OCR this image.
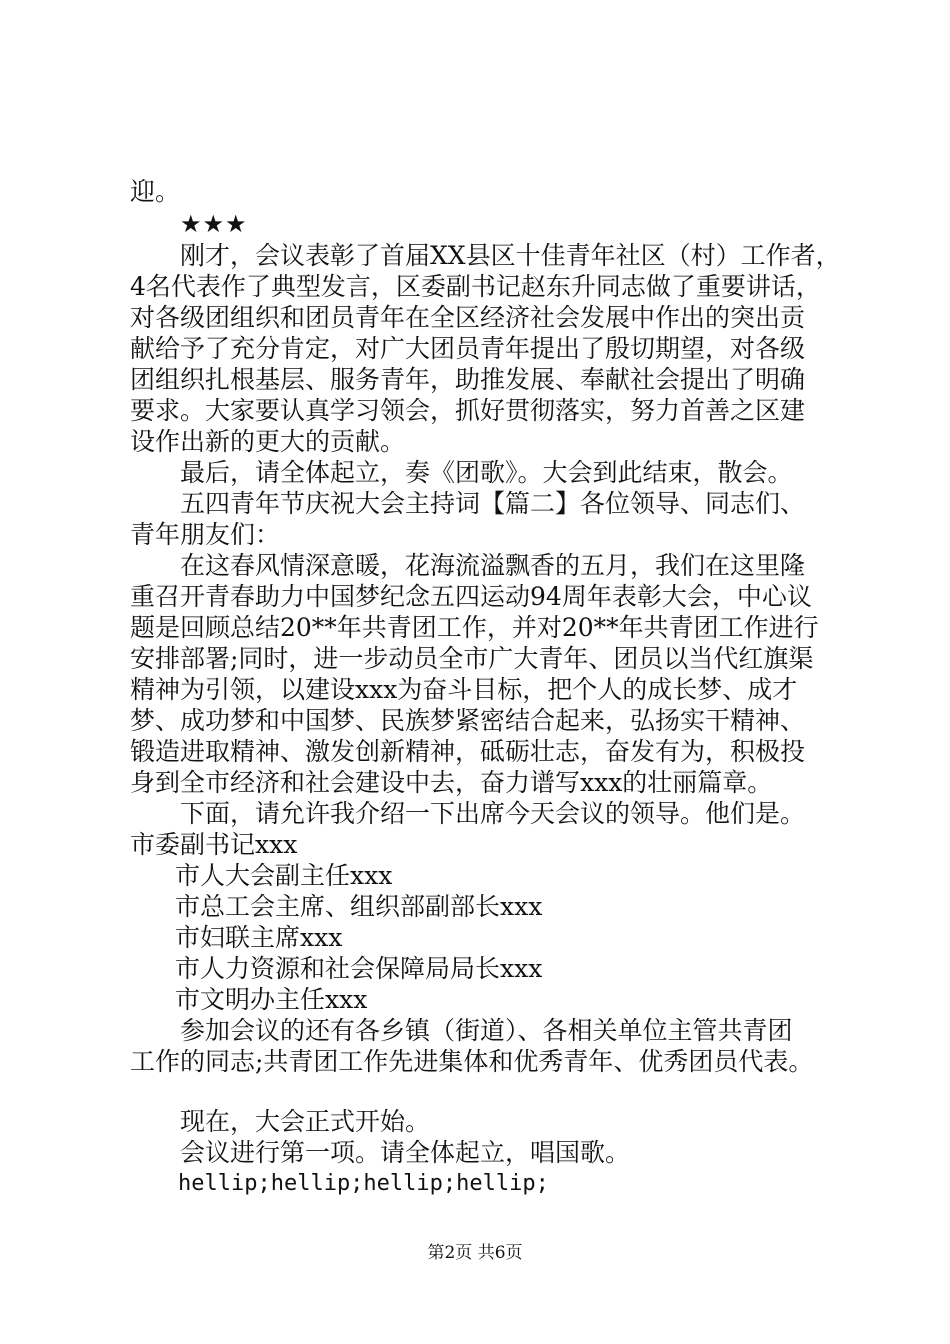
迎。
★★★
刚才，会议表彰了首届XX县区十佳青年社区（村）工作者，
4名代表作了典型发言，区委副书记赵东升同志做了重要讲话，
对各级团组织和团员青年在全区经济社会发展中作出的突出贡
献给予了充分肯定，对广大团员青年提出了殷切期望，对各级
团组织扎根基层、服务青年，助推发展、奉献社会提出了明确
要求。大家要认真学习领会，抓好贯彻落实，努力首善之区建
设作出新的更大的贡献。
最后，请全体起立，奏《团歌》。大会到此结束，散会。
五四青年节庆祝大会主持词【篇二】各位领导、同志们、
青年朋友们：
在这春风情深意暖，花海流溢飘香的五月，我们在这里隆
重召开青春助力中国梦纪念五四运动94周年表彰大会，中心议
题是回顾总结20**年共青团工作，并对20**年共青团工作进行
安排部署;同时，进一步动员全市广大青年、团员以当代红旗渠
精神为引领，以建设xxx为奋斗目标，把个人的成长梦、成才
梦、成功梦和中国梦、民族梦紧密结合起来，弘扬实干精神、
锻造进取精神、激发创新精神，砥砺壮志，奋发有为，积极投
身到全市经济和社会建设中去，奋力谱写xxx的壮丽篇章。
下面，请允许我介绍一下出席今天会议的领导。他们是。
市委副书记xxx
市人大会副主任xxx
市总工会主席、组织部副部长xxx
市妇联主席xxx
市人力资源和社会保障局局长xxx
市文明办主任xxx
参加会议的还有各乡镇（街道）、各相关单位主管共青团
工作的同志;共青团工作先进集体和优秀青年、优秀团员代表。
现在，大会正式开始。
会议进行第一项。请全体起立，唱国歌。
hellip;hellip;hellip;hellip;
第2页 共6页
